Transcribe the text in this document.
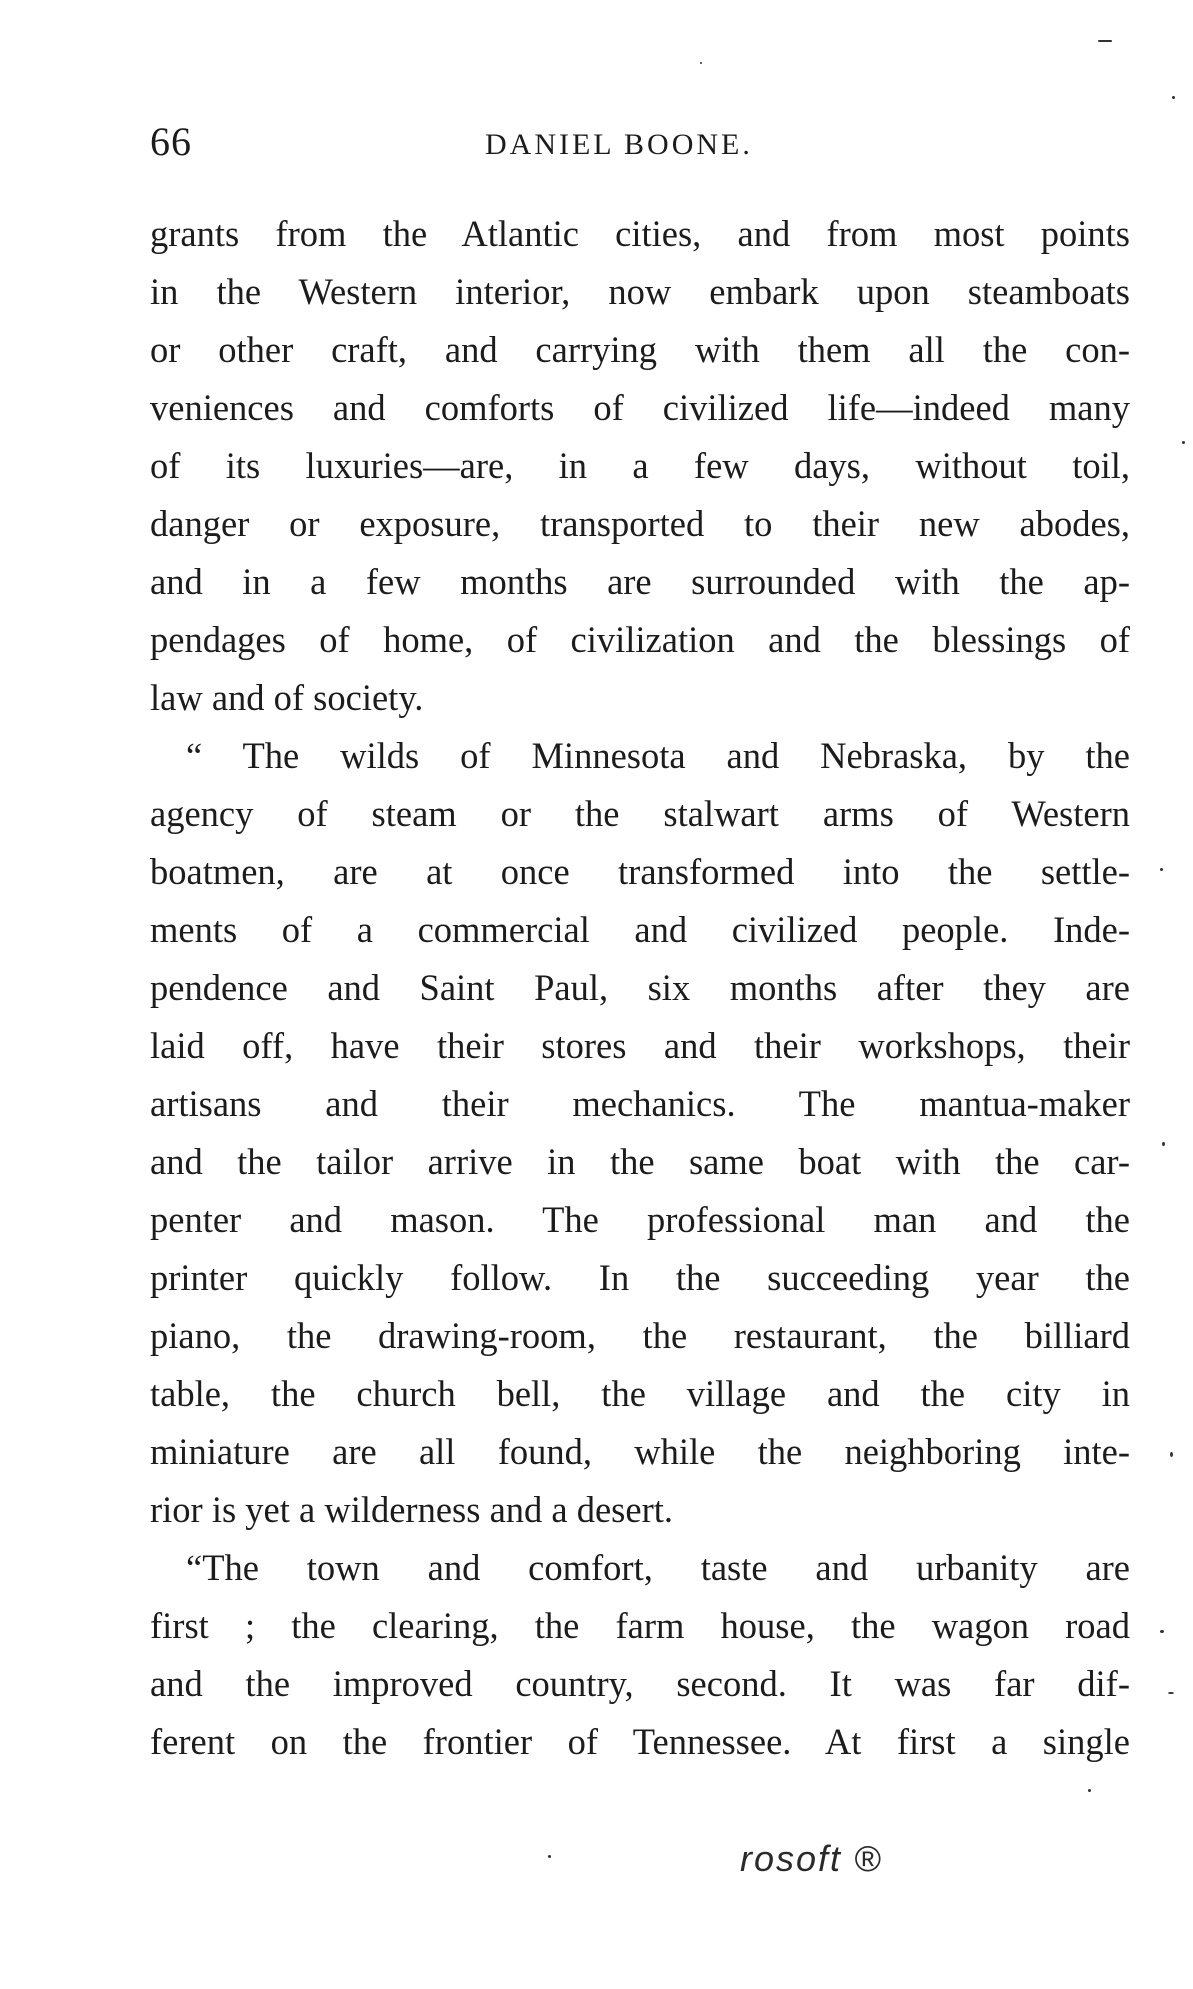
66	DANIEL BOONE.
grants from the Atlantic cities, and from most points
in the Western interior, now embark upon steamboats
or other craft, and carrying with them all the con-
veniences and comforts of civilized life—indeed many
of its luxuries—are, in a few days, without toil,
danger or exposure, transported to their new abodes,
and in a few months are surrounded with the ap-
pendages of home, of civilization and the blessings of
law and of society.
“ The wilds of Minnesota and Nebraska, by the
agency of steam or the stalwart arms of Western
boatmen, are at once transformed into the settle-
ments of a commercial and civilized people. Inde-
pendence and Saint Paul, six months after they are
laid off, have their stores and their workshops, their
artisans and their mechanics. The mantua-maker
and the tailor arrive in the same boat with the car-
penter and mason. The professional man and the
printer quickly follow. In the succeeding year the
piano, the drawing-room, the restaurant, the billiard
table, the church bell, the village and the city in
miniature are all found, while the neighboring inte-
rior is yet a wilderness and a desert.
“The town and comfort, taste and urbanity are
first ; the clearing, the farm house, the wagon road
and the improved country, second. It was far dif-
ferent on the frontier of Tennessee. At first a single
rosoft ®
